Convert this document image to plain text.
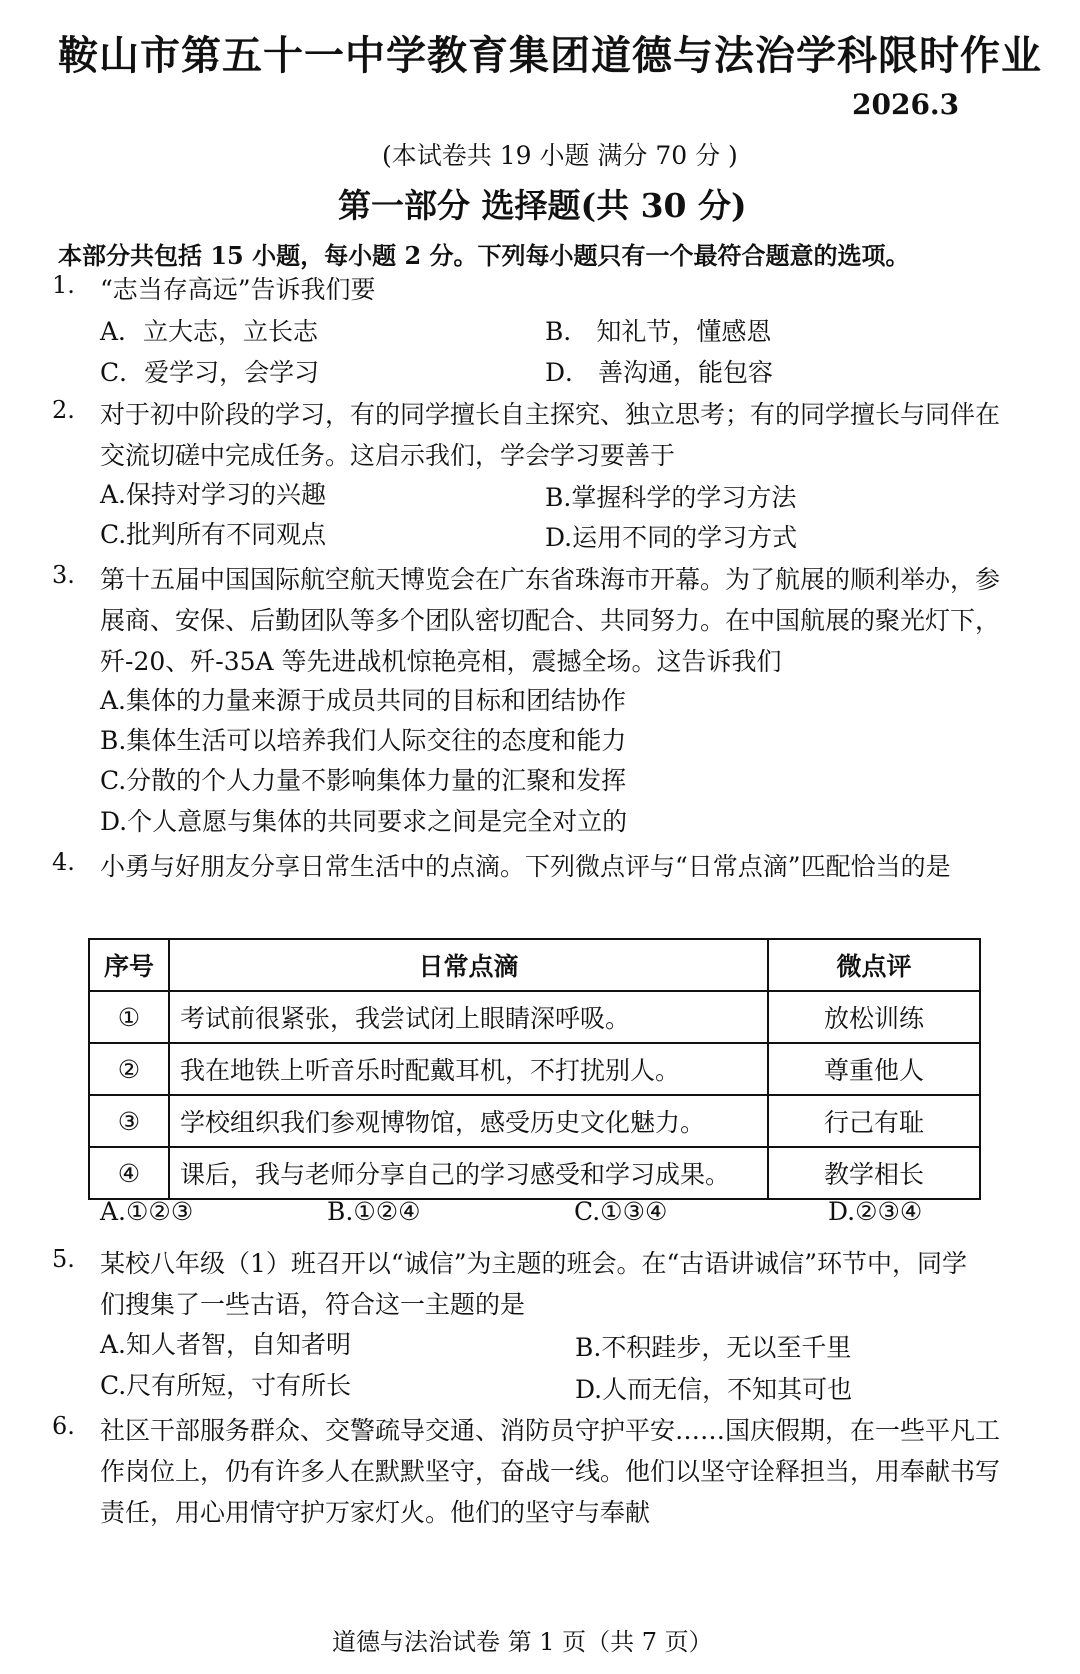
鞍山市第五十一中学教育集团道德与法治学科限时作业
2026.3
(本试卷共 19 小题 满分 70 分 )
第一部分 选择题(共 30 分)
本部分共包括 15 小题，每小题 2 分。下列每小题只有一个最符合题意的选项。
1. “志当存高远”告诉我们要
A．立大志，立长志	B． 知礼节，懂感恩
C．爱学习，会学习	D． 善沟通，能包容
2. 对于初中阶段的学习，有的同学擅长自主探究、独立思考；有的同学擅长与同伴在
交流切磋中完成任务。这启示我们，学会学习要善于
A.保持对学习的兴趣	B.掌握科学的学习方法
C.批判所有不同观点	D.运用不同的学习方式
3. 第十五届中国国际航空航天博览会在广东省珠海市开幕。为了航展的顺利举办，参
展商、安保、后勤团队等多个团队密切配合、共同努力。在中国航展的聚光灯下，
歼-20、歼-35A 等先进战机惊艳亮相，震撼全场。这告诉我们
A.集体的力量来源于成员共同的目标和团结协作
B.集体生活可以培养我们人际交往的态度和能力
C.分散的个人力量不影响集体力量的汇聚和发挥
D.个人意愿与集体的共同要求之间是完全对立的
4. 小勇与好朋友分享日常生活中的点滴。下列微点评与“日常点滴”匹配恰当的是
序号	日常点滴	微点评
①	考试前很紧张，我尝试闭上眼睛深呼吸。	放松训练
②	我在地铁上听音乐时配戴耳机，不打扰别人。	尊重他人
③	学校组织我们参观博物馆，感受历史文化魅力。	行己有耻
④	课后，我与老师分享自己的学习感受和学习成果。	教学相长
A.①②③	B.①②④	C.①③④	D.②③④
5. 某校八年级（1）班召开以“诚信”为主题的班会。在“古语讲诚信”环节中，同学
们搜集了一些古语，符合这一主题的是
A.知人者智，自知者明	B.不积跬步，无以至千里
C.尺有所短，寸有所长	D.人而无信，不知其可也
6. 社区干部服务群众、交警疏导交通、消防员守护平安……国庆假期，在一些平凡工
作岗位上，仍有许多人在默默坚守，奋战一线。他们以坚守诠释担当，用奉献书写
责任，用心用情守护万家灯火。他们的坚守与奉献
道德与法治试卷 第 1 页（共 7 页）
